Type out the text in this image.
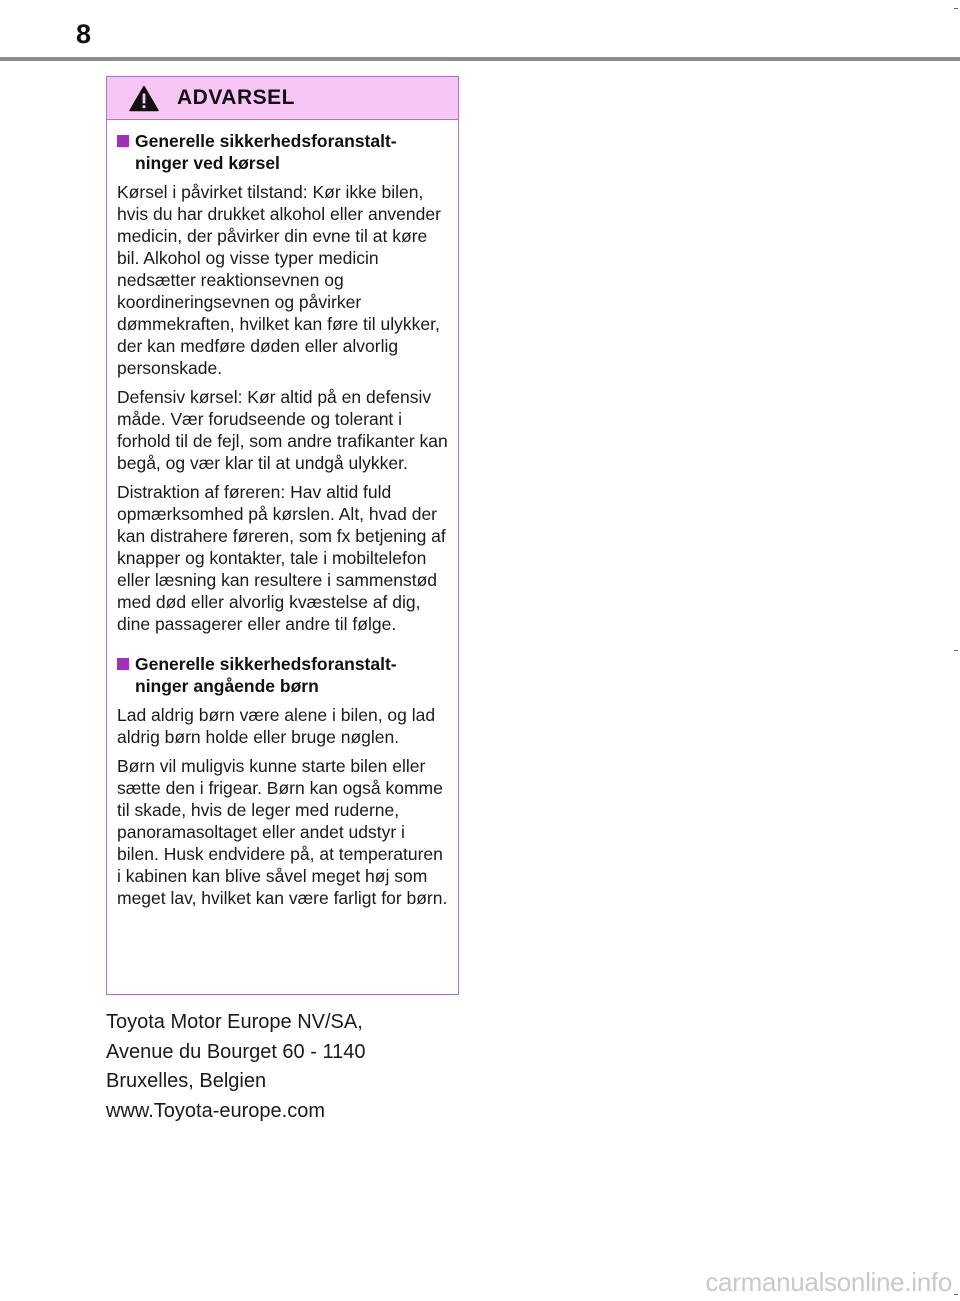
8
ADVARSEL
Generelle sikkerhedsforanstalt-
ninger ved kørsel

Kørsel i påvirket tilstand: Kør ikke bilen, hvis du har drukket alkohol eller anvender medicin, der påvirker din evne til at køre bil. Alkohol og visse typer medicin nedsætter reaktionsevnen og koordineringsevnen og påvirker dømmekraften, hvilket kan føre til ulykker, der kan medføre døden eller alvorlig personskade.

Defensiv kørsel: Kør altid på en defensiv måde. Vær forudseende og tolerant i forhold til de fejl, som andre trafikanter kan begå, og vær klar til at undgå ulykker.

Distraktion af føreren: Hav altid fuld opmærksomhed på kørslen. Alt, hvad der kan distrahere føreren, som fx betjening af knapper og kontakter, tale i mobiltelefon eller læsning kan resultere i sammenstød med død eller alvorlig kvæstelse af dig, dine passagerer eller andre til følge.

Generelle sikkerhedsforanstalt-
ninger angående børn

Lad aldrig børn være alene i bilen, og lad aldrig børn holde eller bruge nøglen.

Børn vil muligvis kunne starte bilen eller sætte den i frigear. Børn kan også komme til skade, hvis de leger med ruderne, panoramasoltaget eller andet udstyr i bilen. Husk endvidere på, at temperaturen i kabinen kan blive såvel meget høj som meget lav, hvilket kan være farligt for børn.

Toyota Motor Europe NV/SA,
Avenue du Bourget 60 - 1140
Bruxelles, Belgien
www.Toyota-europe.com
carmanualsonline.info
